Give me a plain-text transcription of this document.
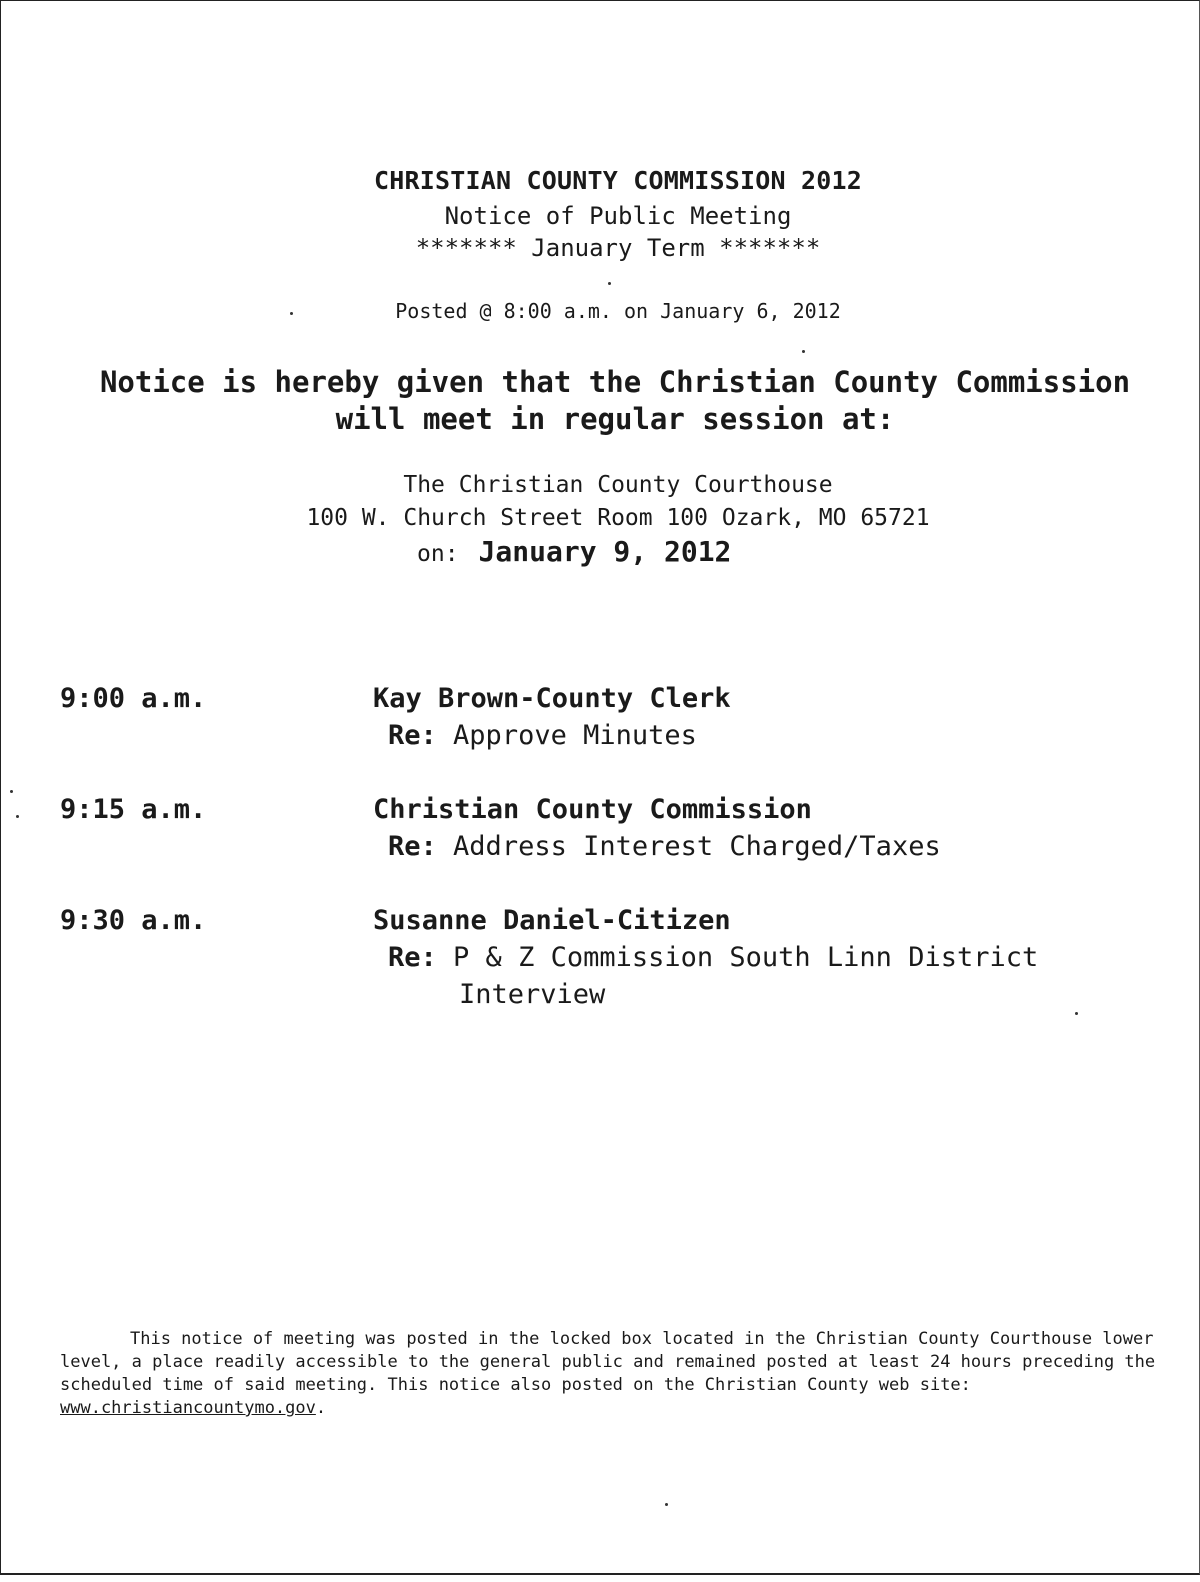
CHRISTIAN COUNTY COMMISSION 2012
Notice of Public Meeting
******* January Term *******
Posted @ 8:00 a.m. on January 6, 2012
Notice is hereby given that the Christian County Commission
will meet in regular session at:
The Christian County Courthouse
100 W. Church Street Room 100 Ozark, MO 65721
on: January 9, 2012
9:00 a.m.	Kay Brown-County Clerk
Re: Approve Minutes
9:15 a.m.	Christian County Commission
Re: Address Interest Charged/Taxes
9:30 a.m.	Susanne Daniel-Citizen
Re: P & Z Commission South Linn District
Interview
This notice of meeting was posted in the locked box located in the Christian County Courthouse lower level, a place readily accessible to the general public and remained posted at least 24 hours preceding the scheduled time of said meeting. This notice also posted on the Christian County web site: www.christiancountymo.gov.
